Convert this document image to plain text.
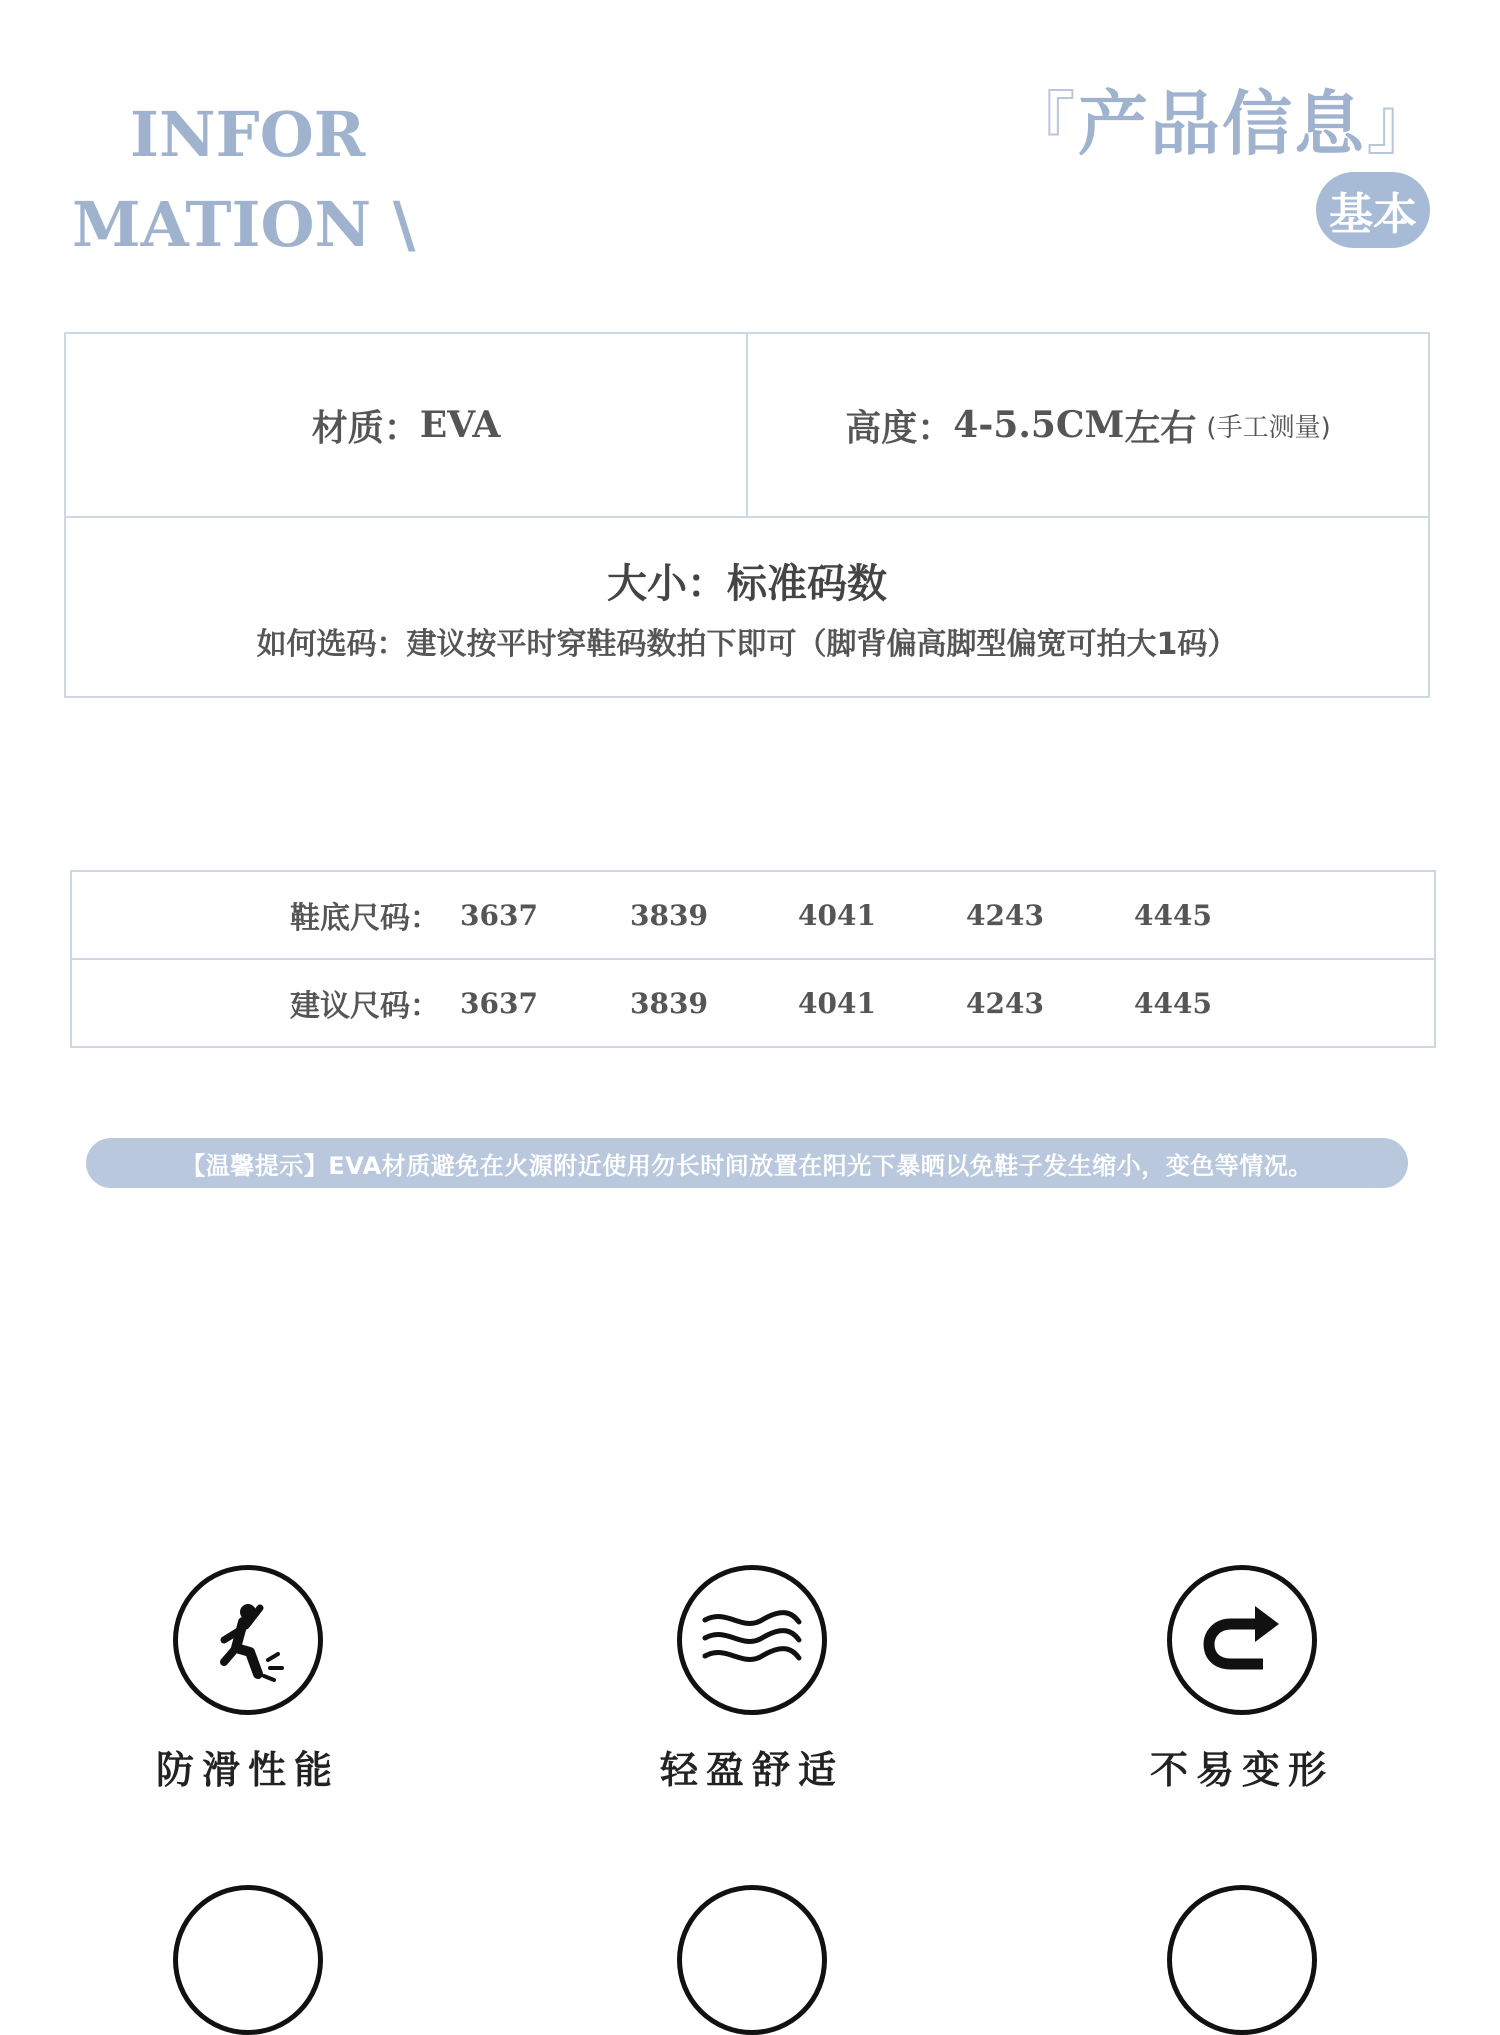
INFOR
MATION \
『产品信息』
基本
材质： EVA	高度： 4-5.5CM 左右 (手工测量)
大小：标准码数
如何选码：建议按平时穿鞋码数拍下即可（脚背偏高脚型偏宽可拍大1码）
鞋底尺码： 3637	3839	4041	4243	4445
建议尺码： 3637	3839	4041	4243	4445
【温馨提示】EVA材质避免在火源附近使用勿长时间放置在阳光下暴晒以免鞋子发生缩小，变色等情况。
防滑性能	轻盈舒适	不易变形
